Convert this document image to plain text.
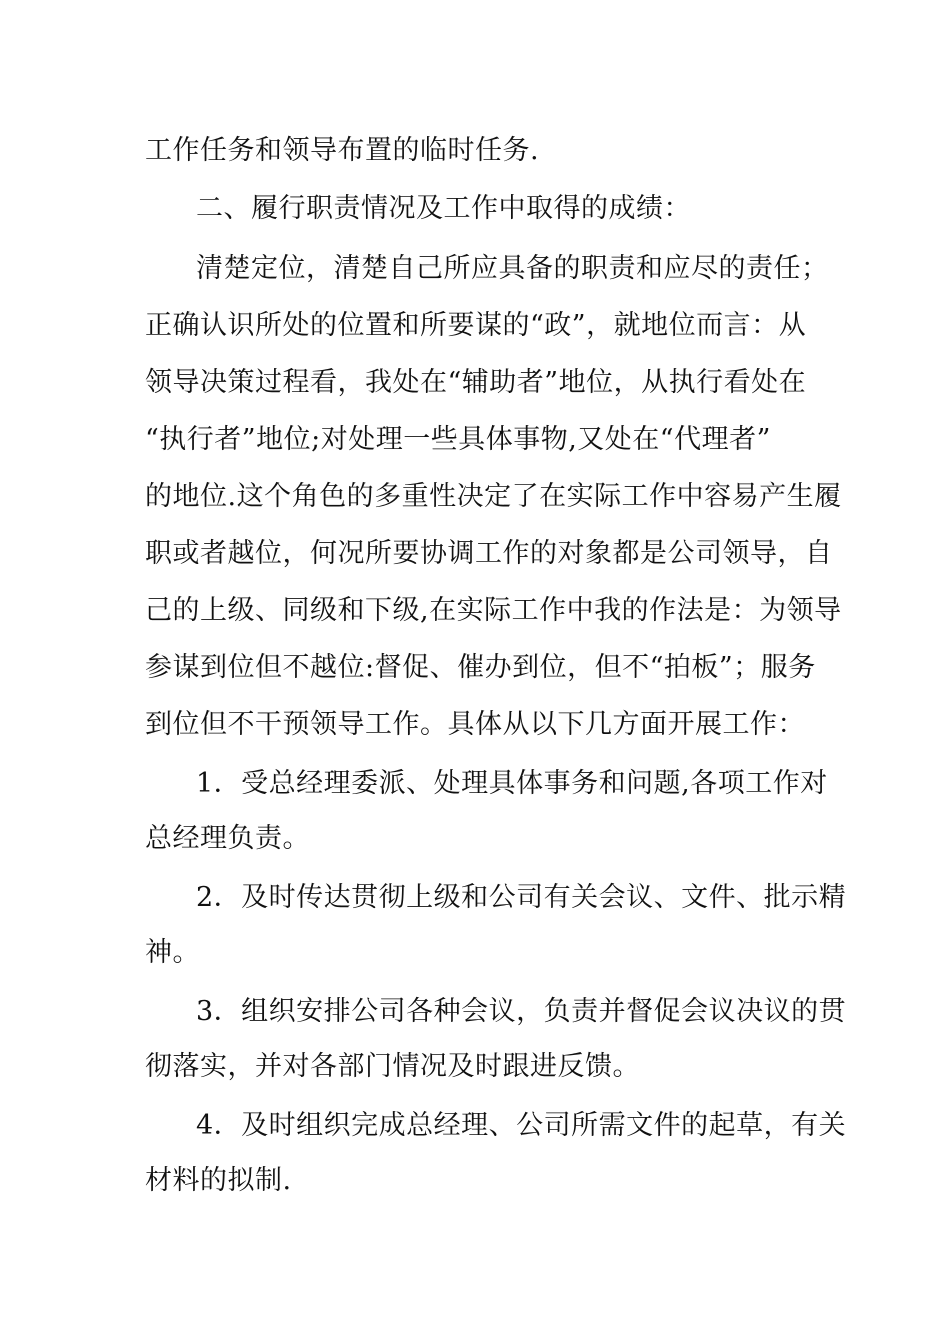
工作任务和领导布置的临时任务.

二、履行职责情况及工作中取得的成绩：

清楚定位，清楚自己所应具备的职责和应尽的责任；

正确认识所处的位置和所要谋的“政”，就地位而言：从

领导决策过程看，我处在“辅助者”地位，从执行看处在

“执行者”地位;对处理一些具体事物,又处在“代理者”

的地位.这个角色的多重性决定了在实际工作中容易产生履

职或者越位，何况所要协调工作的对象都是公司领导，自

己的上级、同级和下级,在实际工作中我的作法是：为领导

参谋到位但不越位:督促、催办到位，但不“拍板”；服务

到位但不干预领导工作。具体从以下几方面开展工作：

1．受总经理委派、处理具体事务和问题,各项工作对

总经理负责。

2．及时传达贯彻上级和公司有关会议、文件、批示精

神。

3．组织安排公司各种会议，负责并督促会议决议的贯

彻落实，并对各部门情况及时跟进反馈。

4．及时组织完成总经理、公司所需文件的起草，有关

材料的拟制.
